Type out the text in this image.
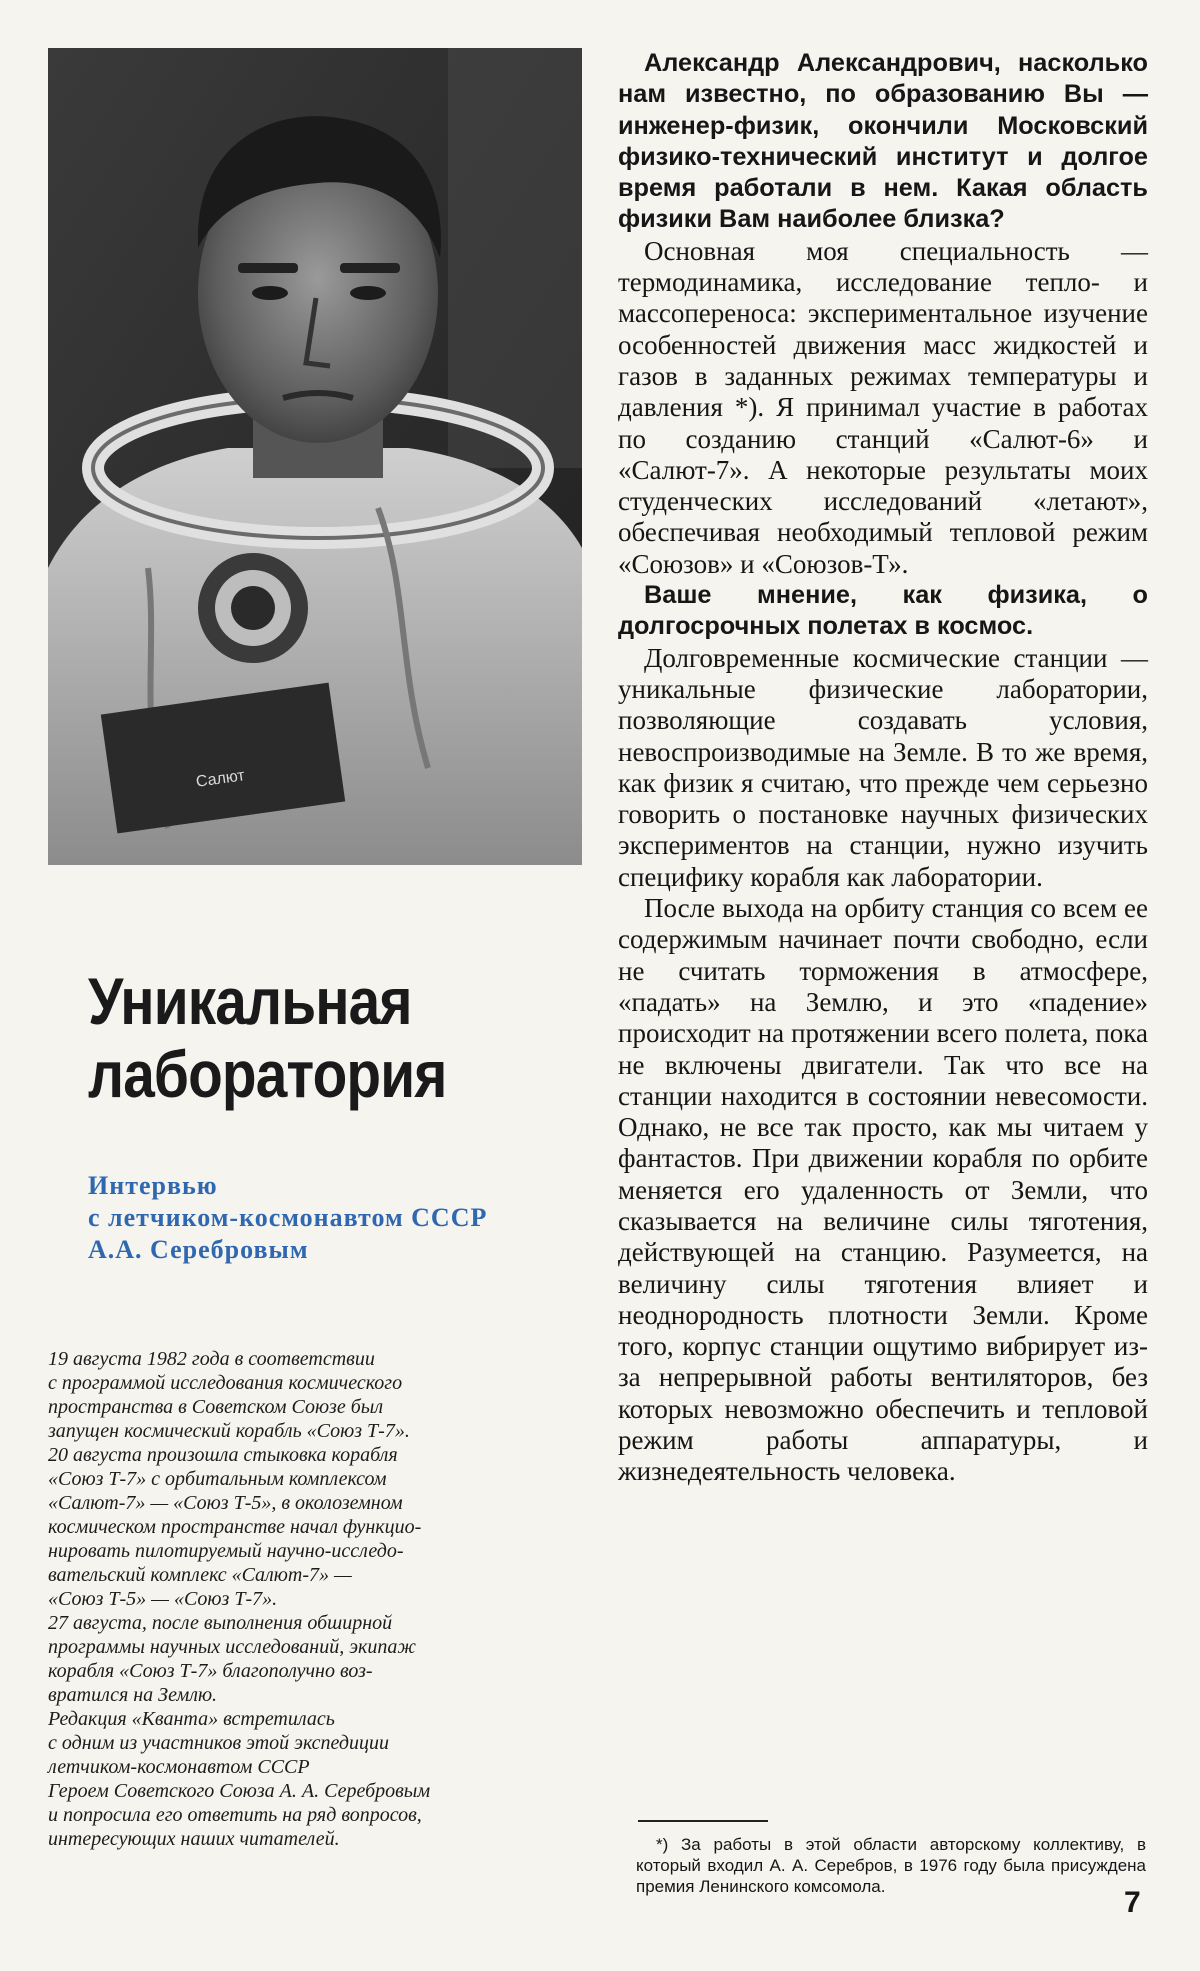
Салют
Уникальная
лаборатория
Интервью
с летчиком-космонавтом СССР
А.А. Серебровым
19 августа 1982 года в соответствии
с программой исследования космического
пространства в Советском Союзе был
запущен космический корабль «Союз Т-7».
20 августа произошла стыковка корабля
«Союз Т-7» с орбитальным комплексом
«Салют-7» — «Союз Т-5», в околоземном
космическом пространстве начал функцио-
нировать пилотируемый научно-исследо-
вательский комплекс «Салют-7» —
«Союз Т-5» — «Союз Т-7».
27 августа, после выполнения обширной
программы научных исследований, экипаж
корабля «Союз Т-7» благополучно воз-
вратился на Землю.
Редакция «Кванта» встретилась
с одним из участников этой экспедиции
летчиком-космонавтом СССР
Героем Советского Союза А. А. Серебровым
и попросила его ответить на ряд вопросов,
интересующих наших читателей.

Александр Александрович, насколько нам известно, по образованию Вы — инженер-физик, окончили Московский физико-технический институт и долгое время работали в нем. Какая область физики Вам наиболее близка?

Основная моя специальность — термодинамика, исследование тепло- и массопереноса: экспериментальное изучение особенностей движения масс жидкостей и газов в заданных режимах температуры и давления *). Я принимал участие в работах по созданию станций «Салют-6» и «Салют-7». А некоторые результаты моих студенческих исследований «летают», обеспечивая необходимый тепловой режим «Союзов» и «Союзов-Т».

Ваше мнение, как физика, о долгосрочных полетах в космос.

Долговременные космические станции — уникальные физические лаборатории, позволяющие создавать условия, невоспроизводимые на Земле. В то же время, как физик я считаю, что прежде чем серьезно говорить о постановке научных физических экспериментов на станции, нужно изучить специфику корабля как лаборатории.

После выхода на орбиту станция со всем ее содержимым начинает почти свободно, если не считать торможения в атмосфере, «падать» на Землю, и это «падение» происходит на протяжении всего полета, пока не включены двигатели. Так что все на станции находится в состоянии невесомости. Однако, не все так просто, как мы читаем у фантастов. При движении корабля по орбите меняется его удаленность от Земли, что сказывается на величине силы тяготения, действующей на станцию. Разумеется, на величину силы тяготения влияет и неоднородность плотности Земли. Кроме того, корпус станции ощутимо вибрирует из-за непрерывной работы вентиляторов, без которых невозможно обеспечить и тепловой режим работы аппаратуры, и жизнедеятельность человека.

*) За работы в этой области авторскому коллективу, в который входил А. А. Серебров, в 1976 году была присуждена премия Ленинского комсомола.	7
